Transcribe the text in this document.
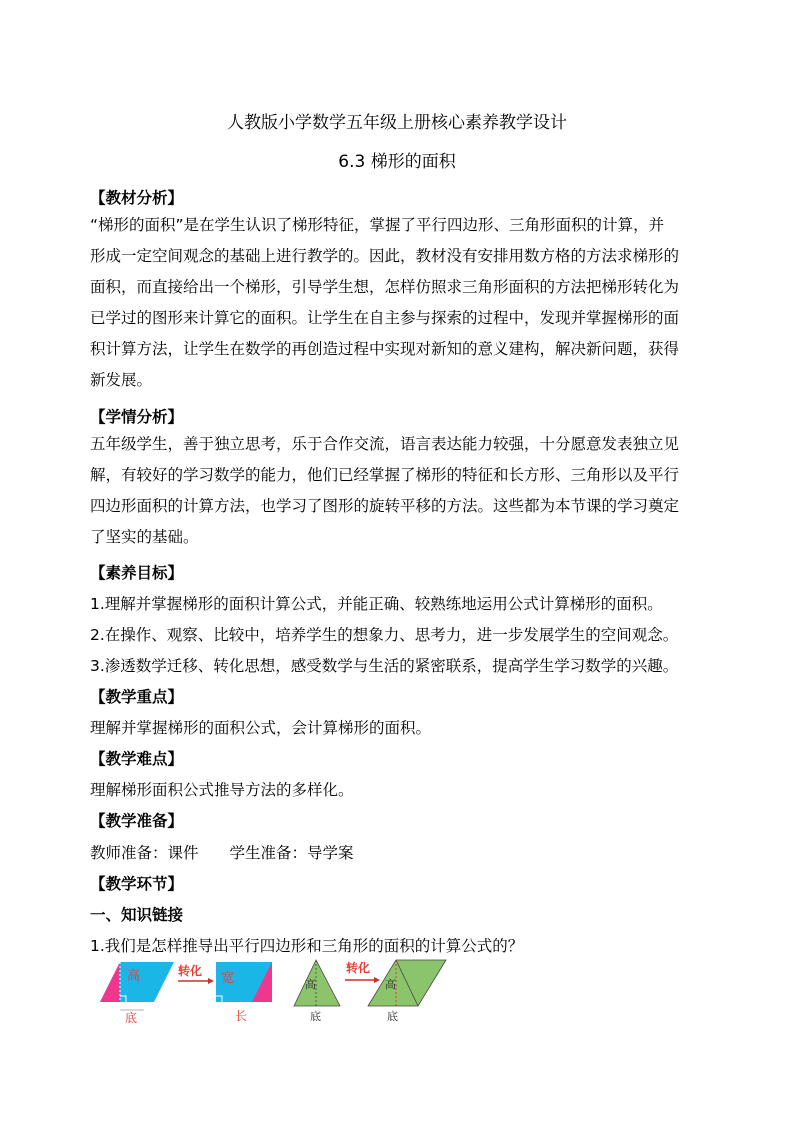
人教版小学数学五年级上册核心素养教学设计
6.3 梯形的面积
【教材分析】
“梯形的面积”是在学生认识了梯形特征，掌握了平行四边形、三角形面积的计算，并
形成一定空间观念的基础上进行教学的。因此，教材没有安排用数方格的方法求梯形的
面积，而直接给出一个梯形，引导学生想，怎样仿照求三角形面积的方法把梯形转化为
已学过的图形来计算它的面积。让学生在自主参与探索的过程中，发现并掌握梯形的面
积计算方法，让学生在数学的再创造过程中实现对新知的意义建构，解决新问题，获得
新发展。
【学情分析】
五年级学生，善于独立思考，乐于合作交流，语言表达能力较强，十分愿意发表独立见
解，有较好的学习数学的能力，他们已经掌握了梯形的特征和长方形、三角形以及平行
四边形面积的计算方法，也学习了图形的旋转平移的方法。这些都为本节课的学习奠定
了坚实的基础。
【素养目标】
1.理解并掌握梯形的面积计算公式，并能正确、较熟练地运用公式计算梯形的面积。
2.在操作、观察、比较中，培养学生的想象力、思考力，进一步发展学生的空间观念。
3.渗透数学迁移、转化思想，感受数学与生活的紧密联系，提高学生学习数学的兴趣。
【教学重点】
理解并掌握梯形的面积公式，会计算梯形的面积。
【教学难点】
理解梯形面积公式推导方法的多样化。
【教学准备】
教师准备：课件　　学生准备：导学案
【教学环节】
一、知识链接
1.我们是怎样推导出平行四边形和三角形的面积的计算公式的？
高
底
转化 宽
长
高
底
转化
高
底
